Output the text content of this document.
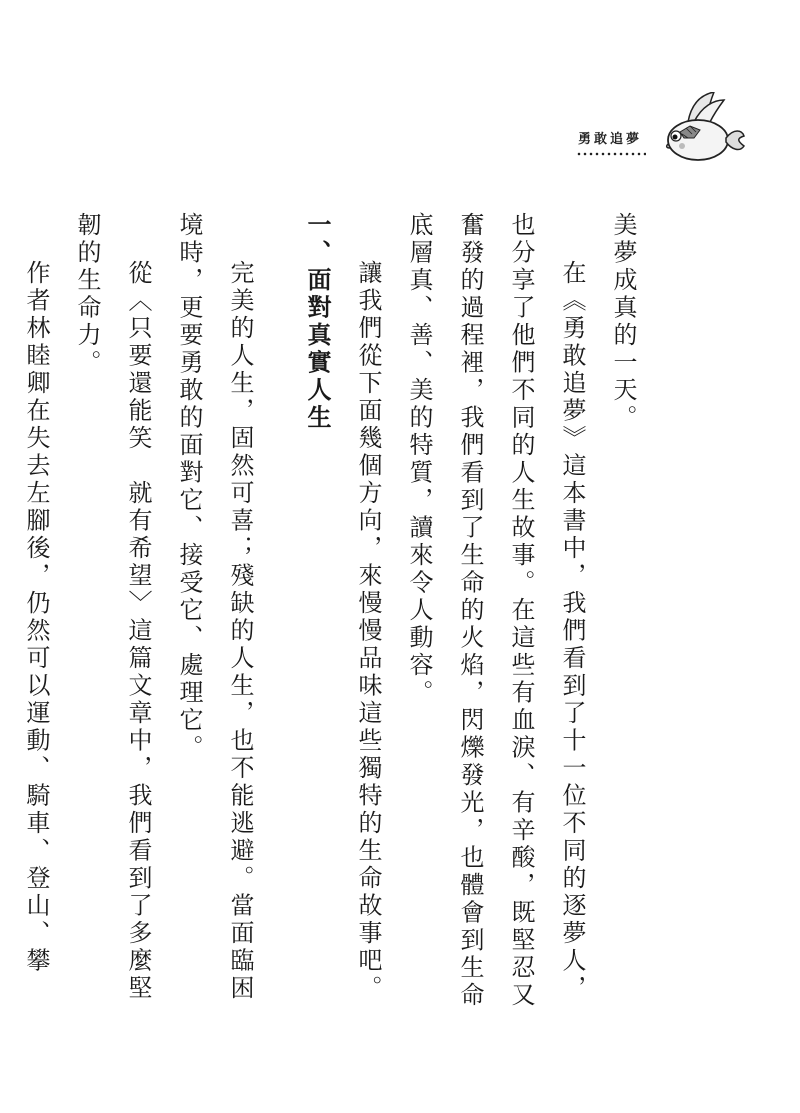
勇敢追夢

美夢成真的一天。

在《勇敢追夢》這本書中，我們看到了十一位不同的逐夢人，也分享了他們不同的人生故事。在這些有血淚、有辛酸，既堅忍又奮發的過程裡，我們看到了生命的火焰，閃爍發光，也體會到生命底層真、善、美的特質，讀來令人動容。

讓我們從下面幾個方向，來慢慢品味這些獨特的生命故事吧。

一、面對真實人生

完美的人生，固然可喜；殘缺的人生，也不能逃避。當面臨困境時，更要勇敢的面對它、接受它、處理它。

從〈只要還能笑　就有希望〉這篇文章中，我們看到了多麼堅韌的生命力。

作者林睦卿在失去左腳後，仍然可以運動、騎車、登山、攀
